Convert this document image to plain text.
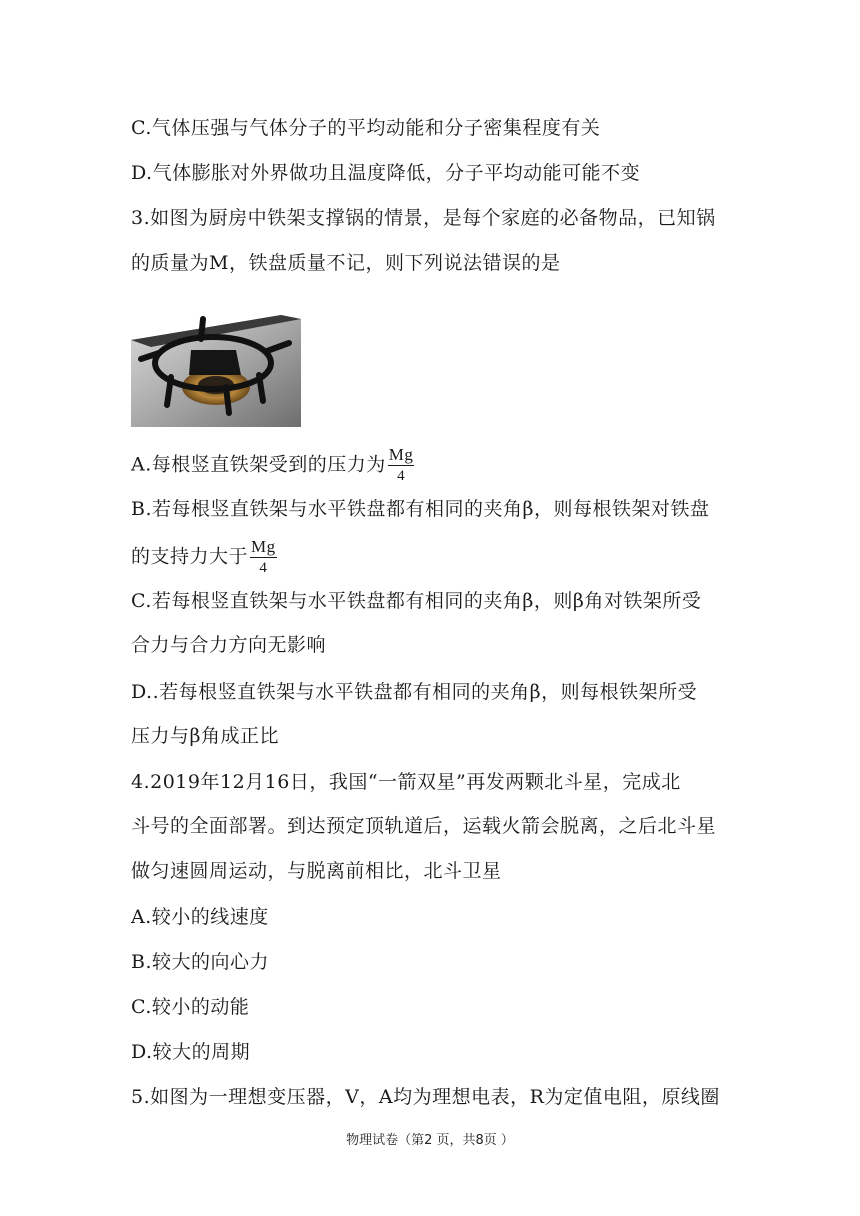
C.气体压强与气体分子的平均动能和分子密集程度有关
D.气体膨胀对外界做功且温度降低，分子平均动能可能不变
3.如图为厨房中铁架支撑锅的情景，是每个家庭的必备物品，已知锅
的质量为M，铁盘质量不记，则下列说法错误的是
A.每根竖直铁架受到的压力为 $\frac{Mg}{4}$
B.若每根竖直铁架与水平铁盘都有相同的夹角β，则每根铁架对铁盘
的支持力大于 $\frac{Mg}{4}$
C.若每根竖直铁架与水平铁盘都有相同的夹角β，则β角对铁架所受
合力与合力方向无影响
D..若每根竖直铁架与水平铁盘都有相同的夹角β，则每根铁架所受
压力与β角成正比
4.2019年12月16日，我国“一箭双星”再发两颗北斗星，完成北
斗号的全面部署。到达预定顶轨道后，运载火箭会脱离，之后北斗星
做匀速圆周运动，与脱离前相比，北斗卫星
A.较小的线速度
B.较大的向心力
C.较小的动能
D.较大的周期
5.如图为一理想变压器，V，A均为理想电表，R为定值电阻，原线圈
物理试卷（第2 页，共8页 ）
